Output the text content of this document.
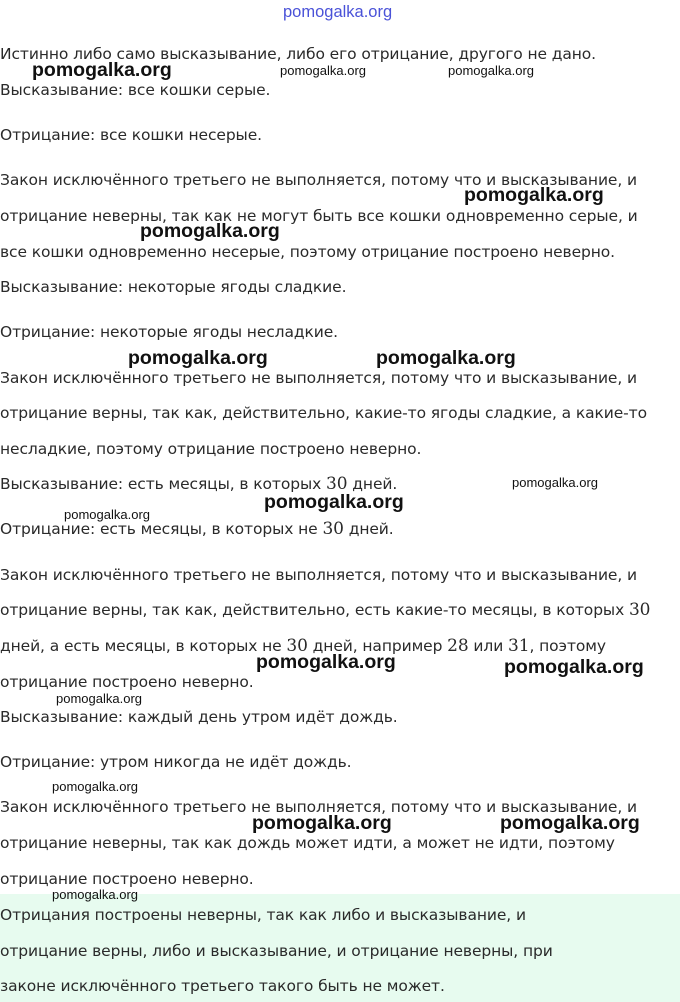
pomogalka.org
Истинно либо само высказывание, либо его отрицание, другого не дано.
Высказывание: все кошки серые.
Отрицание: все кошки несерые.
Закон исключённого третьего не выполняется, потому что и высказывание, и
отрицание неверны, так как не могут быть все кошки одновременно серые, и
все кошки одновременно несерые, поэтому отрицание построено неверно.
Высказывание: некоторые ягоды сладкие.
Отрицание: некоторые ягоды несладкие.
Закон исключённого третьего не выполняется, потому что и высказывание, и
отрицание верны, так как, действительно, какие-то ягоды сладкие, а какие-то
несладкие, поэтому отрицание построено неверно.
Высказывание: есть месяцы, в которых 30 дней.
Отрицание: есть месяцы, в которых не 30 дней.
Закон исключённого третьего не выполняется, потому что и высказывание, и
отрицание верны, так как, действительно, есть какие-то месяцы, в которых 30
дней, а есть месяцы, в которых не 30 дней, например 28 или 31, поэтому
отрицание построено неверно.
Высказывание: каждый день утром идёт дождь.
Отрицание: утром никогда не идёт дождь.
Закон исключённого третьего не выполняется, потому что и высказывание, и
отрицание неверны, так как дождь может идти, а может не идти, поэтому
отрицание построено неверно.
Отрицания построены неверны, так как либо и высказывание, и
отрицание верны, либо и высказывание, и отрицание неверны, при
законе исключённого третьего такого быть не может.
pomogalka.org	pomogalka.org	pomogalka.org
pomogalka.org
pomogalka.org
pomogalka.org	pomogalka.org
pomogalka.org
pomogalka.org
pomogalka.org
pomogalka.org	pomogalka.org
pomogalka.org
pomogalka.org
pomogalka.org	pomogalka.org
pomogalka.org
